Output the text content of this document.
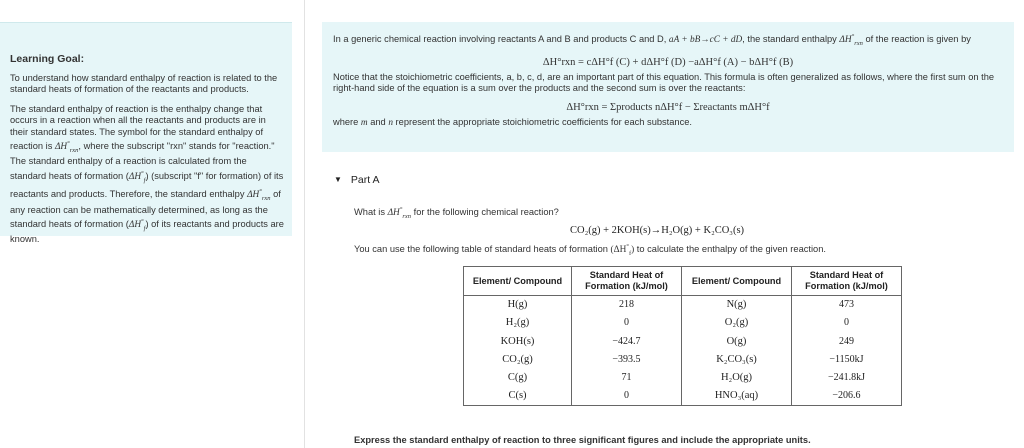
Learning Goal:

To understand how standard enthalpy of reaction is related to the standard heats of formation of the reactants and products.

The standard enthalpy of reaction is the enthalpy change that occurs in a reaction when all the reactants and products are in their standard states. The symbol for the standard enthalpy of reaction is $\Delta H^\circ_{rxn}$, where the subscript "rxn" stands for "reaction." The standard enthalpy of a reaction is calculated from the standard heats of formation $(\Delta H^\circ_f)$ (subscript "f" for formation) of its reactants and products. Therefore, the standard enthalpy $\Delta H^\circ_{rxn}$ of any reaction can be mathematically determined, as long as the standard heats of formation $(\Delta H^\circ_f)$ of its reactants and products are known.

In a generic chemical reaction involving reactants A and B and products C and D, aA + bB→cC + dD, the standard enthalpy $\Delta H^\circ_{rxn}$ of the reaction is given by

ΔH°rxn = cΔH°f (C) + dΔH°f (D) −aΔH°f (A) − bΔH°f (B)

Notice that the stoichiometric coefficients, a, b, c, d, are an important part of this equation. This formula is often generalized as follows, where the first sum on the right-hand side of the equation is a sum over the products and the second sum is over the reactants:

ΔH°rxn = Σproducts nΔH°f − Σreactants mΔH°f

where m and n represent the appropriate stoichiometric coefficients for each substance.

▼ Part A
What is $\Delta H^\circ_{rxn}$ for the following chemical reaction?
CO₂(g) + 2KOH(s)→H₂O(g) + K₂CO₃(s)
You can use the following table of standard heats of formation $(\Delta H^\circ_f)$ to calculate the enthalpy of the given reaction.
Element/ Compound	Standard Heat of Formation (kJ/mol)	Element/ Compound	Standard Heat of Formation (kJ/mol)
H(g)	218	N(g)	473
H₂(g)	0	O₂(g)	0
KOH(s)	−424.7	O(g)	249
CO₂(g)	−393.5	K₂CO₃(s)	−1150kJ
C(g)	71	H₂O(g)	−241.8kJ
C(s)	0	HNO₃(aq)	−206.6
Express the standard enthalpy of reaction to three significant figures and include the appropriate units.
